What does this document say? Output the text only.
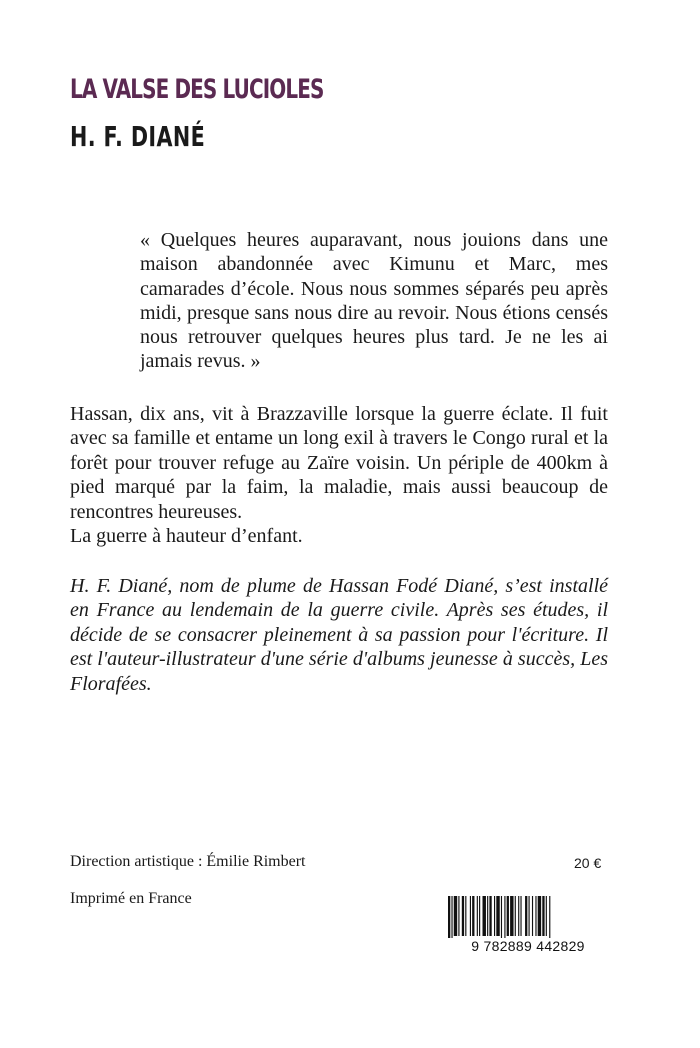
LA VALSE DES LUCIOLES
H. F. DIANÉ

« Quelques heures auparavant, nous jouions dans une maison abandonnée avec Kimunu et Marc, mes camarades d’école. Nous nous sommes séparés peu après midi, presque sans nous dire au revoir. Nous étions censés nous retrouver quelques heures plus tard. Je ne les ai jamais revus. »

Hassan, dix ans, vit à Brazzaville lorsque la guerre éclate. Il fuit avec sa famille et entame un long exil à travers le Congo rural et la forêt pour trouver refuge au Zaïre voisin. Un périple de 400km à pied marqué par la faim, la maladie, mais aussi beaucoup de rencontres heureuses.

La guerre à hauteur d’enfant.

H. F. Diané, nom de plume de Hassan Fodé Diané, s’est installé en France au lendemain de la guerre civile. Après ses études, il décide de se consacrer pleinement à sa passion pour l'écriture. Il est l'auteur-illustrateur d'une série d'albums jeunesse à succès, Les Florafées.

Direction artistique : Émilie Rimbert	20 €

Imprimé en France

9 782889 442829
